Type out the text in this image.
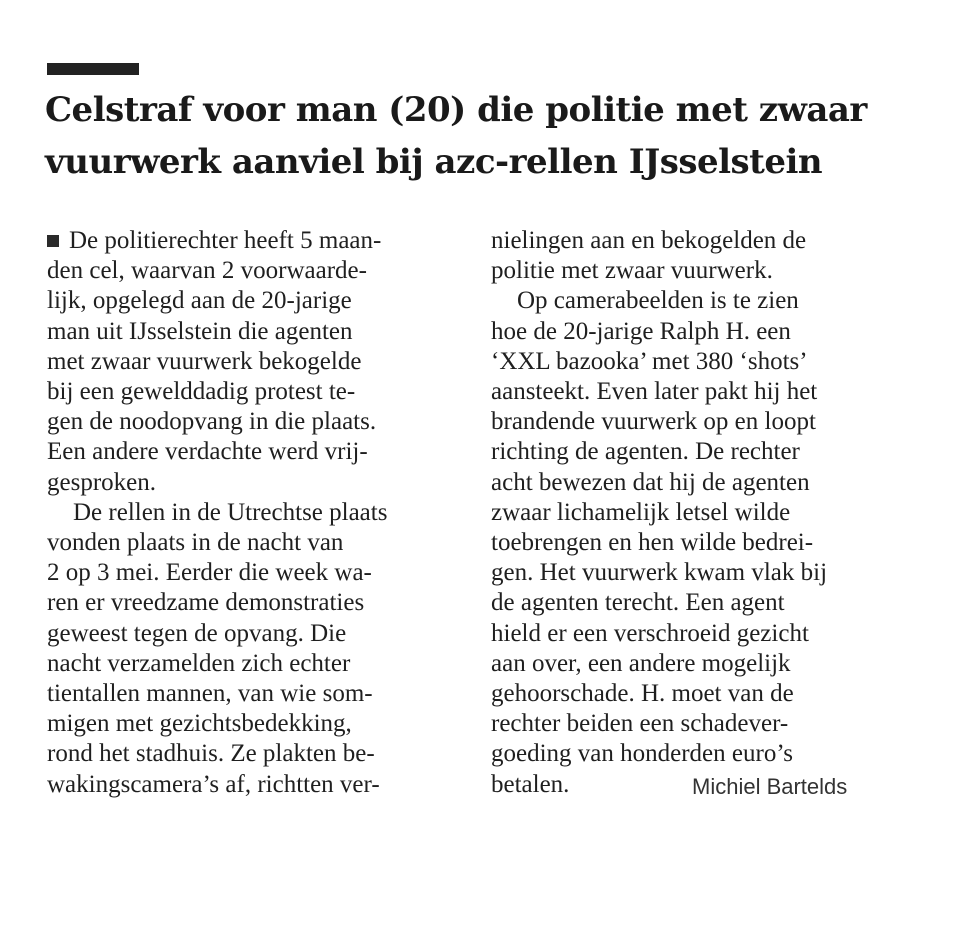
Celstraf voor man (20) die politie met zwaar
vuurwerk aanviel bij azc-rellen IJsselstein
De politierechter heeft 5 maan-
den cel, waarvan 2 voorwaarde-
lijk, opgelegd aan de 20-jarige
man uit IJsselstein die agenten
met zwaar vuurwerk bekogelde
bij een gewelddadig protest te-
gen de noodopvang in die plaats.
Een andere verdachte werd vrij-
gesproken.
De rellen in de Utrechtse plaats
vonden plaats in de nacht van
2 op 3 mei. Eerder die week wa-
ren er vreedzame demonstraties
geweest tegen de opvang. Die
nacht verzamelden zich echter
tientallen mannen, van wie som-
migen met gezichtsbedekking,
rond het stadhuis. Ze plakten be-
wakingscamera’s af, richtten ver-
nielingen aan en bekogelden de
politie met zwaar vuurwerk.
Op camerabeelden is te zien
hoe de 20-jarige Ralph H. een
‘XXL bazooka’ met 380 ‘shots’
aansteekt. Even later pakt hij het
brandende vuurwerk op en loopt
richting de agenten. De rechter
acht bewezen dat hij de agenten
zwaar lichamelijk letsel wilde
toebrengen en hen wilde bedrei-
gen. Het vuurwerk kwam vlak bij
de agenten terecht. Een agent
hield er een verschroeid gezicht
aan over, een andere mogelijk
gehoorschade. H. moet van de
rechter beiden een schadever-
goeding van honderden euro’s
betalen.	Michiel Bartelds
